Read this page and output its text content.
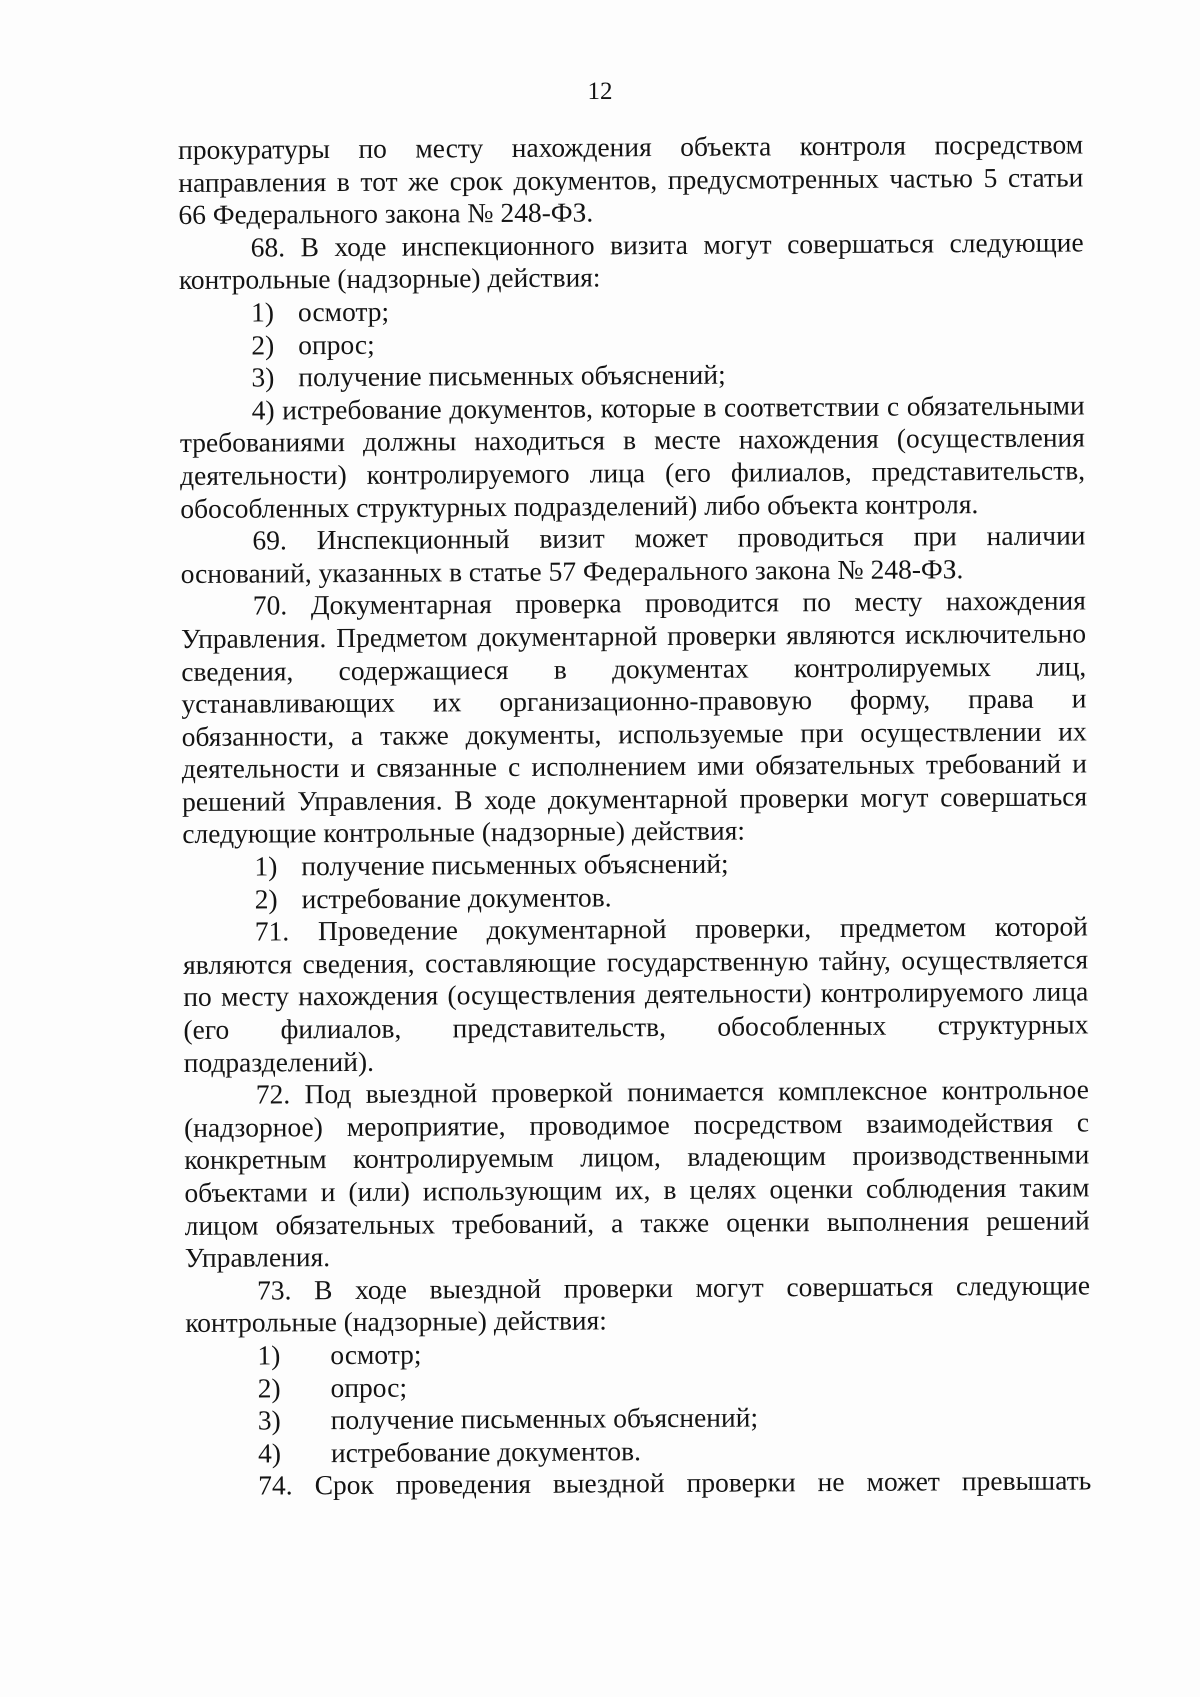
12

прокуратуры по месту нахождения объекта контроля посредством направления в тот же срок документов, предусмотренных частью 5 статьи 66 Федерального закона № 248-ФЗ.

68. В ходе инспекционного визита могут совершаться следующие контрольные (надзорные) действия:

1) осмотр;
2) опрос;
3) получение письменных объяснений;

4) истребование документов, которые в соответствии с обязательными требованиями должны находиться в месте нахождения (осуществления деятельности) контролируемого лица (его филиалов, представительств, обособленных структурных подразделений) либо объекта контроля.

69. Инспекционный визит может проводиться при наличии оснований, указанных в статье 57 Федерального закона № 248-ФЗ.

70. Документарная проверка проводится по месту нахождения Управления. Предметом документарной проверки являются исключительно сведения, содержащиеся в документах контролируемых лиц, устанавливающих их организационно-правовую форму, права и обязанности, а также документы, используемые при осуществлении их деятельности и связанные с исполнением ими обязательных требований и решений Управления. В ходе документарной проверки могут совершаться следующие контрольные (надзорные) действия:

1) получение письменных объяснений;
2) истребование документов.

71. Проведение документарной проверки, предметом которой являются сведения, составляющие государственную тайну, осуществляется по месту нахождения (осуществления деятельности) контролируемого лица (его филиалов, представительств, обособленных структурных подразделений).

72. Под выездной проверкой понимается комплексное контрольное (надзорное) мероприятие, проводимое посредством взаимодействия с конкретным контролируемым лицом, владеющим производственными объектами и (или) использующим их, в целях оценки соблюдения таким лицом обязательных требований, а также оценки выполнения решений Управления.

73. В ходе выездной проверки могут совершаться следующие контрольные (надзорные) действия:

1) осмотр;
2) опрос;
3) получение письменных объяснений;
4) истребование документов.

74. Срок проведения выездной проверки не может превышать
